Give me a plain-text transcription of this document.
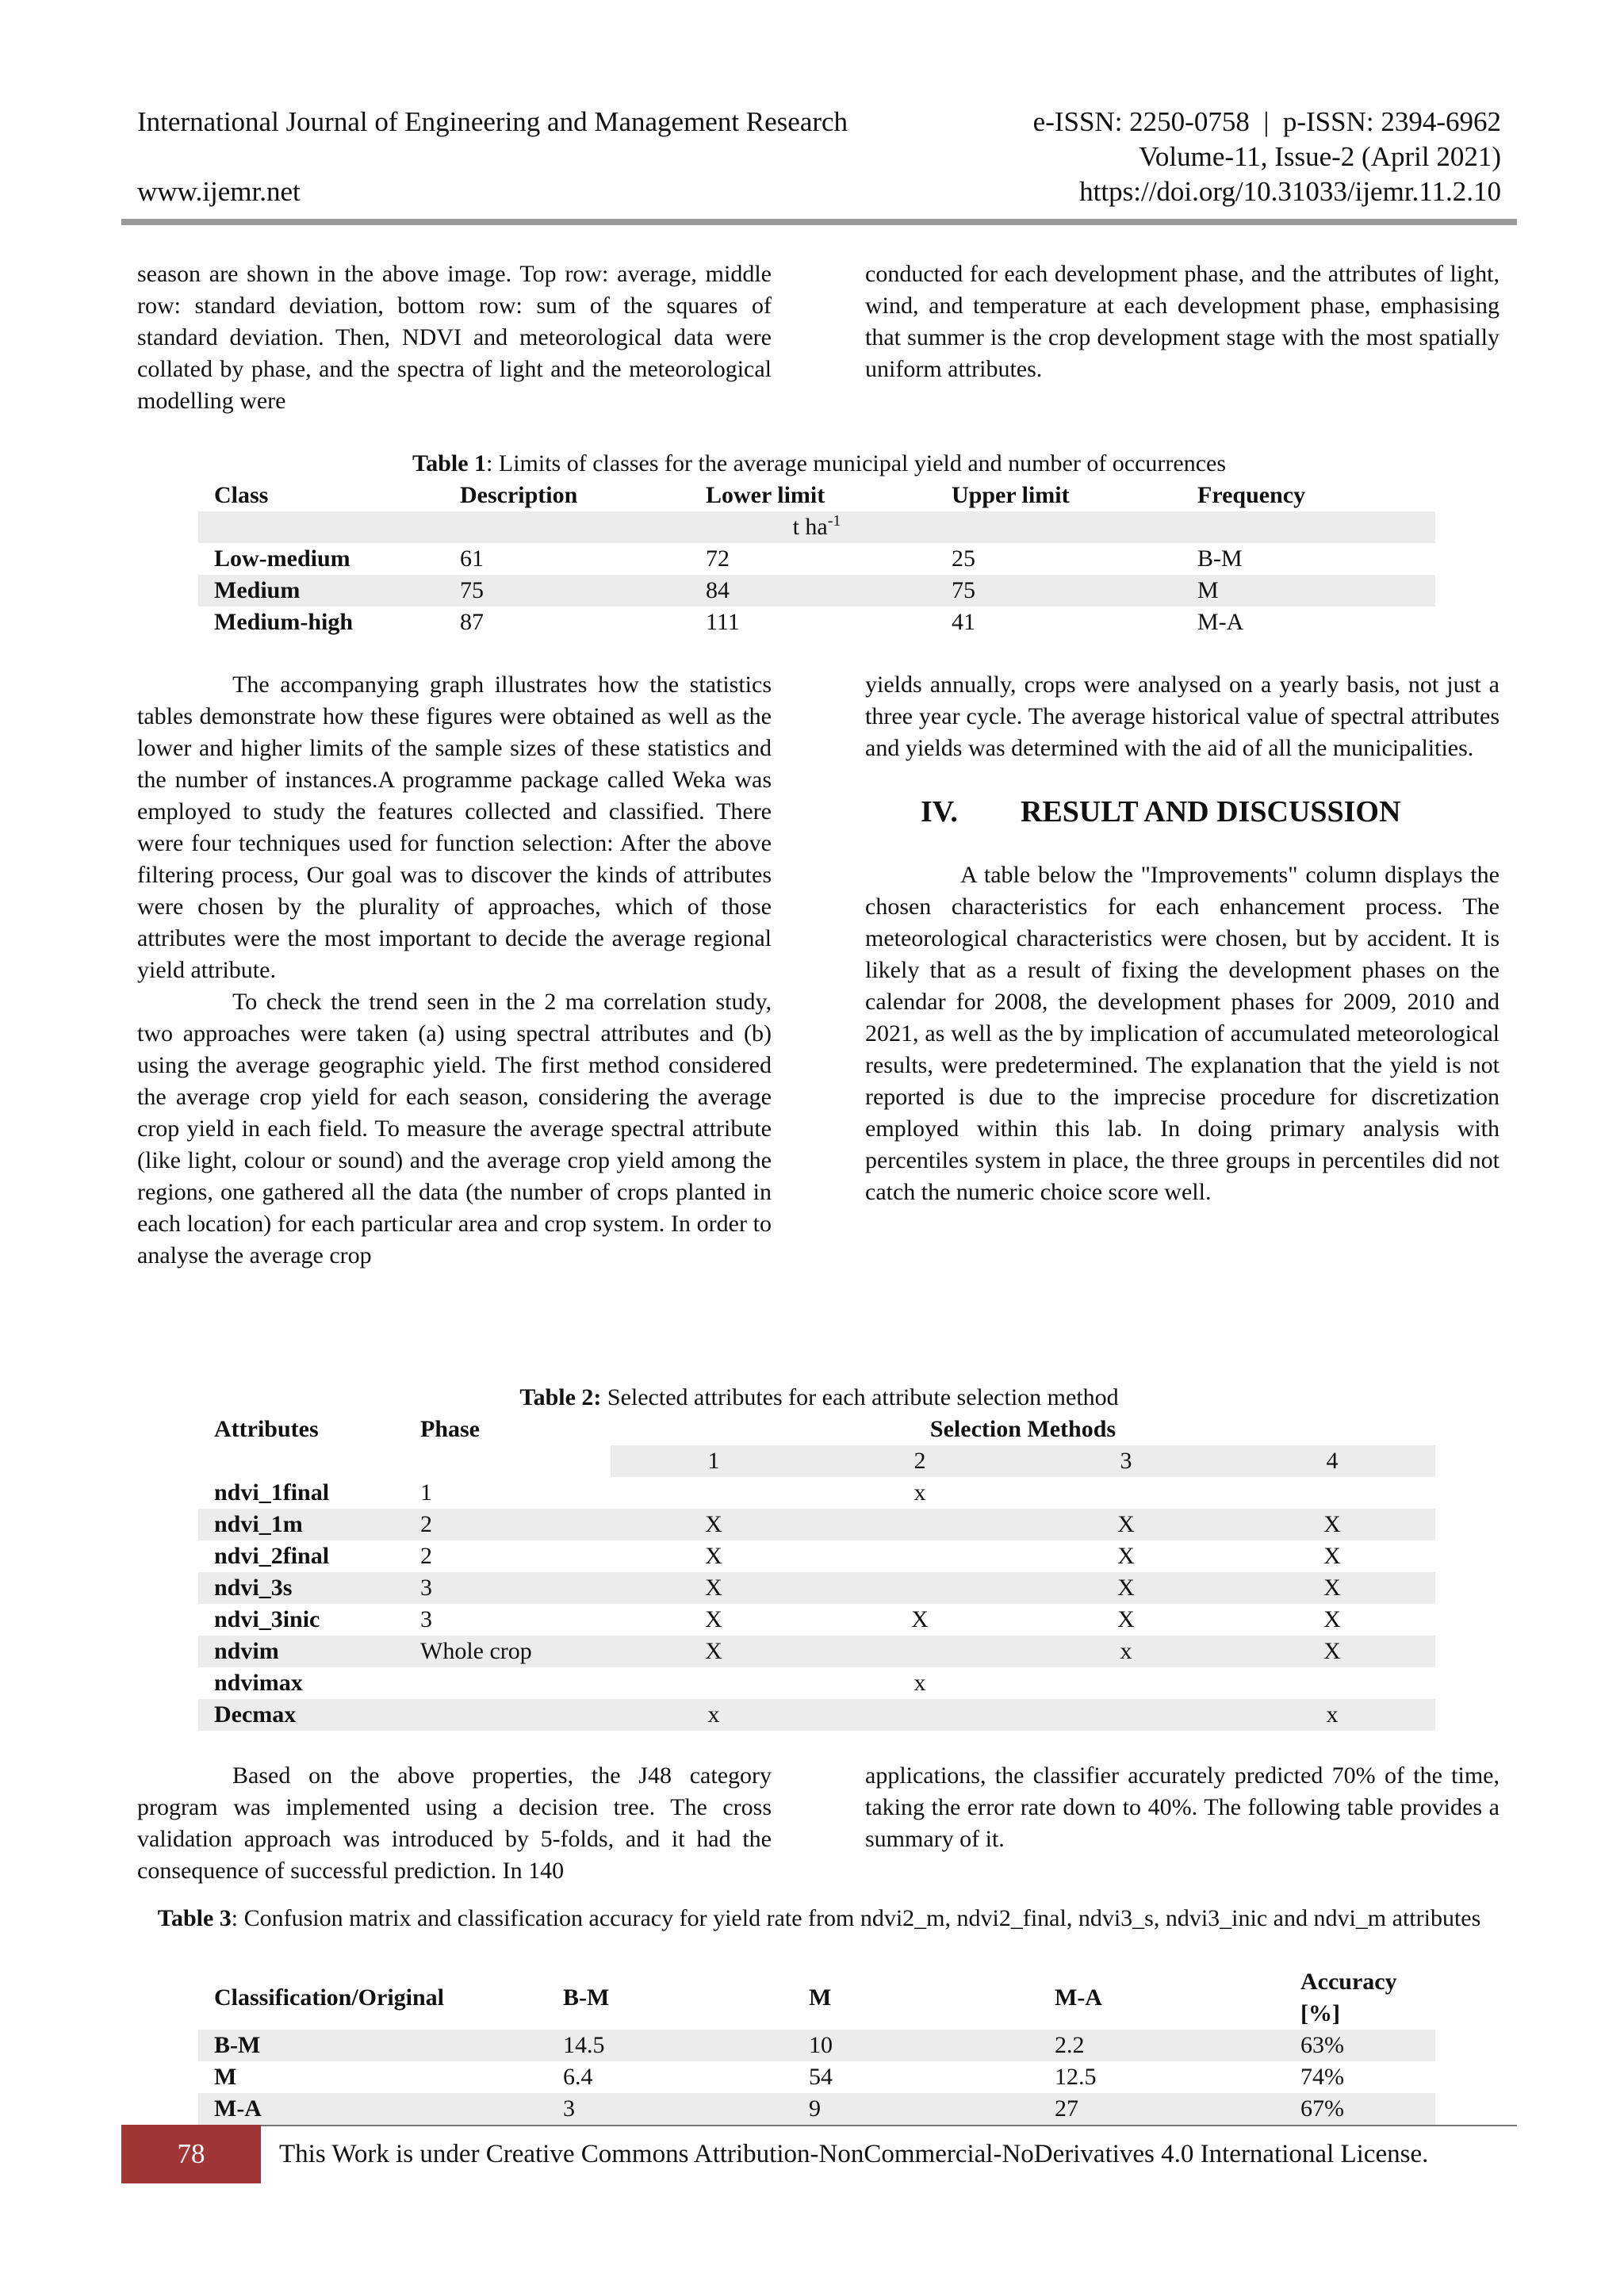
International Journal of Engineering and Management Research	e-ISSN: 2250-0758  |  p-ISSN: 2394-6962
Volume-11, Issue-2 (April 2021)
www.ijemr.net	https://doi.org/10.31033/ijemr.11.2.10

season are shown in the above image. Top row: average, middle row: standard deviation, bottom row: sum of the squares of standard deviation. Then, NDVI and meteorological data were collated by phase, and the spectra of light and the meteorological modelling were

conducted for each development phase, and the attributes of light, wind, and temperature at each development phase, emphasising that summer is the crop development stage with the most spatially uniform attributes.

Table 1: Limits of classes for the average municipal yield and number of occurrences
Class	Description	Lower limit	Upper limit	Frequency
t $ha^{-1}$
Low-medium	61	72	25	B-M
Medium	75	84	75	M
Medium-high	87	111	41	M-A

The accompanying graph illustrates how the statistics tables demonstrate how these figures were obtained as well as the lower and higher limits of the sample sizes of these statistics and the number of instances.A programme package called Weka was employed to study the features collected and classified. There were four techniques used for function selection: After the above filtering process, Our goal was to discover the kinds of attributes were chosen by the plurality of approaches, which of those attributes were the most important to decide the average regional yield attribute.

To check the trend seen in the 2 ma correlation study, two approaches were taken (a) using spectral attributes and (b) using the average geographic yield. The first method considered the average crop yield for each season, considering the average crop yield in each field. To measure the average spectral attribute (like light, colour or sound) and the average crop yield among the regions, one gathered all the data (the number of crops planted in each location) for each particular area and crop system. In order to analyse the average crop

yields annually, crops were analysed on a yearly basis, not just a three year cycle. The average historical value of spectral attributes and yields was determined with the aid of all the municipalities.

IV. RESULT AND DISCUSSION

A table below the "Improvements" column displays the chosen characteristics for each enhancement process. The meteorological characteristics were chosen, but by accident. It is likely that as a result of fixing the development phases on the calendar for 2008, the development phases for 2009, 2010 and 2021, as well as the by implication of accumulated meteorological results, were predetermined. The explanation that the yield is not reported is due to the imprecise procedure for discretization employed within this lab. In doing primary analysis with percentiles system in place, the three groups in percentiles did not catch the numeric choice score well.

Table 2: Selected attributes for each attribute selection method
Attributes	Phase	Selection Methods			
		1	2	3	4
ndvi_1final	1		x		
ndvi_1m	2	X		X	X
ndvi_2final	2	X		X	X
ndvi_3s	3	X		X	X
ndvi_3inic	3	X	X	X	X
ndvim	Whole crop	X		x	X
ndvimax			x		
Decmax		x			x

Based on the above properties, the J48 category program was implemented using a decision tree. The cross validation approach was introduced by 5-folds, and it had the consequence of successful prediction. In 140

applications, the classifier accurately predicted 70% of the time, taking the error rate down to 40%. The following table provides a summary of it.

Table 3: Confusion matrix and classification accuracy for yield rate from ndvi2_m, ndvi2_final, ndvi3_s, ndvi3_inic and ndvi_m attributes
Classification/Original	B-M	M	M-A	Accuracy [%]
B-M	14.5	10	2.2	63%
M	6.4	54	12.5	74%
M-A	3	9	27	67%
78	This Work is under Creative Commons Attribution-NonCommercial-NoDerivatives 4.0 International License.
